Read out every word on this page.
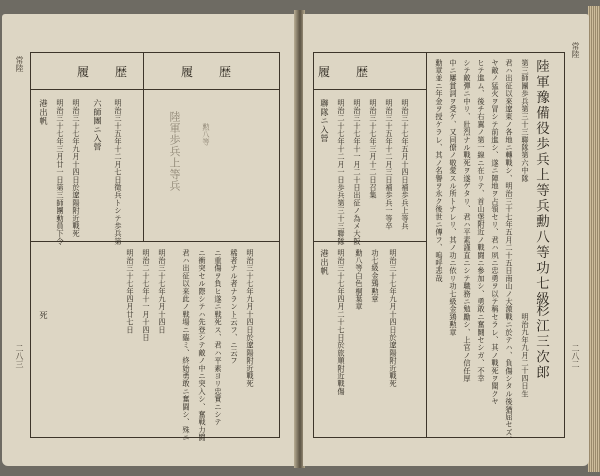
常陸
二八三
履歴 履歴
港出帆 明治三十七年三月廿一日第三師團動員下令 明治三十七年九月十四日於遼陽附近戰死 六師團ニ入營 明治三十五年十二月七日徵兵トシテ歩兵第
死
陸軍歩兵上等兵	勲八等
明治三十七年四月廿七日 明治二十七年十一月十四日 明治三十七年九月十四日 君ハ出征以来此ノ戦場ニ臨ミ、終始勇敢ニ奮闘シ、殊ニ ニ衝突セル際シテハ先登シテ敵ノ中ニ突入シ、奮戦力闘 ニ重傷ヲ負ヒ遂ニ戦死ス、君ハ平素ヨリ忠實ニシテ 稀者ナル者ナラント云フ、ニ云フ 明治三十七年九月十四日於遼陽附近戰死
常陸
二八二
履歴
聯隊ニ入營 明治二十七年十二月一日歩兵第三十三聯隊 明治三十七年十一月二十日出征ノ為メ大阪 明治三十七年三月十二日召集 明治三十五年十二月三日補歩兵一等卒 明治三十七年五月十四日補歩兵上等兵
港出帆 明治三十七年四月二十七日於旅順附近戰傷 勳八等白色桐葉章 功七級金鵄勲章 明治三十七年九月十四日於遼陽附近戰死
勳章並ニ年金ヲ授ケラレ、其ノ名譽ヲ永ク後世ニ傳フ、嗚呼悲哉 中ニ屢賞詞ヲ受ケ、又同僚ノ敬愛スル所トナレリ、其ノ功ニ依リ功七級金鵄勲章 シテ敵彈ニ中リ、壯烈ナル戰死ヲ遂ゲタリ、君ハ平素謹直ニシテ職務ニ勉勵シ、上官ノ信任厚 ヒテ進ム、後チ右翼ノ第一線ニ在リテ、首山堡附近ノ戰闘ニ參加シ、勇敢ニ奮鬪セシガ、不幸 ヤ敵ノ猛火ヲ冒シテ前進シ、遂ニ陣地ヲ占領セリ、君ハ夙ニ忠勇ヲ以テ稱セラレ、其ノ戰死ヲ聞クヤ 君ハ出征以來遼東ノ各地ニ轉戰シ、明治三十七年五月二十五日南山ノ大激戰ニ於テハ、負傷シタル後猶屈セズ、 第三師團歩兵第三十三聯隊第六中隊 陸軍豫備役歩兵上等兵勳八等功七級
杉江三次郎
明治九年九月二十四日生
